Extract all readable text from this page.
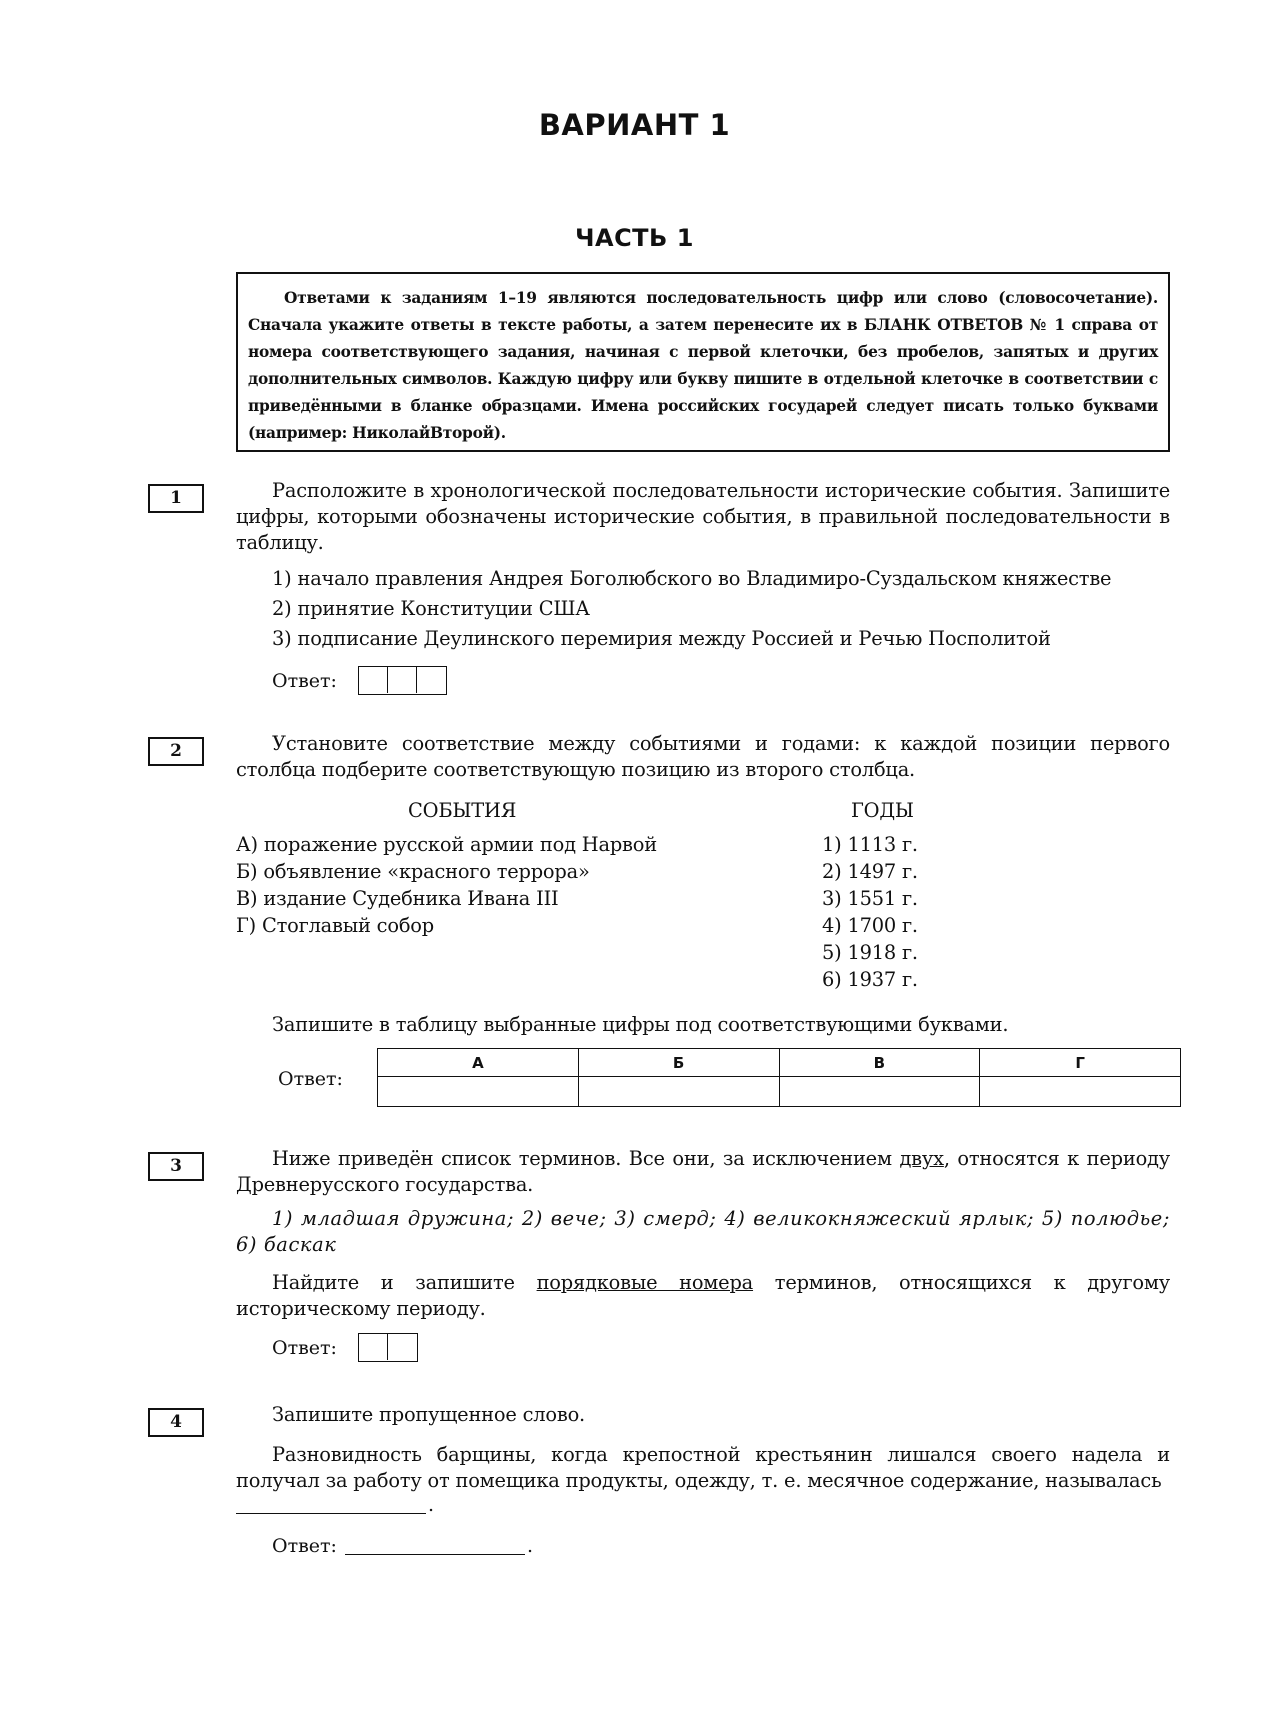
ВАРИАНТ 1
ЧАСТЬ 1
Ответами к заданиям 1–19 являются последовательность цифр или слово (словосочетание). Сначала укажите ответы в тексте работы, а затем перенесите их в БЛАНК ОТВЕТОВ № 1 справа от номера соответствующего задания, начиная с первой клеточки, без пробелов, запятых и других дополнительных символов. Каждую цифру или букву пишите в отдельной клеточке в соответствии с приведёнными в бланке образцами. Имена российских государей следует писать только буквами (например: НиколайВторой).
1	Расположите в хронологической последовательности исторические события. Запишите цифры, которыми обозначены исторические события, в правильной последовательности в таблицу.
1) начало правления Андрея Боголюбского во Владимиро-Суздальском княжестве
2) принятие Конституции США
3) подписание Деулинского перемирия между Россией и Речью Посполитой
Ответ:
2	Установите соответствие между событиями и годами: к каждой позиции первого столбца подберите соответствующую позицию из второго столбца.
СОБЫТИЯ	ГОДЫ
А) поражение русской армии под Нарвой
Б) объявление «красного террора»
В) издание Судебника Ивана III
Г) Стоглавый собор
1) 1113 г.
2) 1497 г.
3) 1551 г.
4) 1700 г.
5) 1918 г.
6) 1937 г.
Запишите в таблицу выбранные цифры под соответствующими буквами.
Ответ:
А	Б	В	Г

3	Ниже приведён список терминов. Все они, за исключением двух, относятся к периоду Древнерусского государства.
1) младшая дружина; 2) вече; 3) смерд; 4) великокняжеский ярлык; 5) полюдье; 6) баскак
Найдите и запишите порядковые номера терминов, относящихся к другому историческому периоду.
Ответ:
4	Запишите пропущенное слово.
Разновидность барщины, когда крепостной крестьянин лишался своего надела и получал за работу от помещика продукты, одежду, т. е. месячное содержание, называлась
.
Ответ:	.
